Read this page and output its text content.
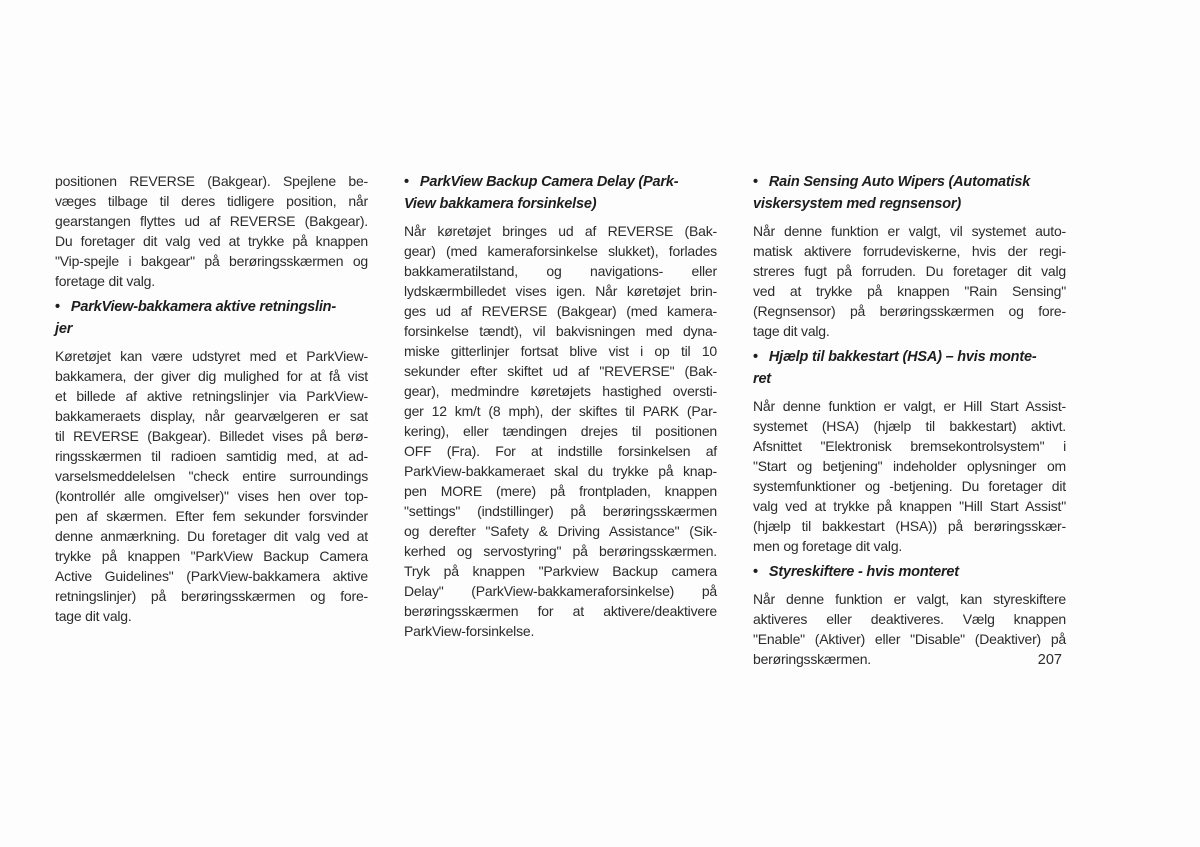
positionen REVERSE (Bakgear). Spejlene be-
væges tilbage til deres tidligere position, når
gearstangen flyttes ud af REVERSE (Bakgear).
Du foretager dit valg ved at trykke på knappen
"Vip-spejle i bakgear" på berøringsskærmen og
foretage dit valg.
• ParkView-bakkamera aktive retningslin-
jer
Køretøjet kan være udstyret med et ParkView-
bakkamera, der giver dig mulighed for at få vist
et billede af aktive retningslinjer via ParkView-
bakkameraets display, når gearvælgeren er sat
til REVERSE (Bakgear). Billedet vises på berø-
ringsskærmen til radioen samtidig med, at ad-
varselsmeddelelsen "check entire surroundings
(kontrollér alle omgivelser)" vises hen over top-
pen af skærmen. Efter fem sekunder forsvinder
denne anmærkning. Du foretager dit valg ved at
trykke på knappen "ParkView Backup Camera
Active Guidelines" (ParkView-bakkamera aktive
retningslinjer) på berøringsskærmen og fore-
tage dit valg.
• ParkView Backup Camera Delay (Park-
View bakkamera forsinkelse)
Når køretøjet bringes ud af REVERSE (Bak-
gear) (med kameraforsinkelse slukket), forlades
bakkameratilstand, og navigations- eller
lydskærmbilledet vises igen. Når køretøjet brin-
ges ud af REVERSE (Bakgear) (med kamera-
forsinkelse tændt), vil bakvisningen med dyna-
miske gitterlinjer fortsat blive vist i op til 10
sekunder efter skiftet ud af "REVERSE" (Bak-
gear), medmindre køretøjets hastighed oversti-
ger 12 km/t (8 mph), der skiftes til PARK (Par-
kering), eller tændingen drejes til positionen
OFF (Fra). For at indstille forsinkelsen af
ParkView-bakkameraet skal du trykke på knap-
pen MORE (mere) på frontpladen, knappen
"settings" (indstillinger) på berøringsskærmen
og derefter "Safety & Driving Assistance" (Sik-
kerhed og servostyring" på berøringsskærmen.
Tryk på knappen "Parkview Backup camera
Delay" (ParkView-bakkameraforsinkelse) på
berøringsskærmen for at aktivere/deaktivere
ParkView-forsinkelse.
• Rain Sensing Auto Wipers (Automatisk
viskersystem med regnsensor)
Når denne funktion er valgt, vil systemet auto-
matisk aktivere forrudeviskerne, hvis der regi-
streres fugt på forruden. Du foretager dit valg
ved at trykke på knappen "Rain Sensing"
(Regnsensor) på berøringsskærmen og fore-
tage dit valg.
• Hjælp til bakkestart (HSA) – hvis monte-
ret
Når denne funktion er valgt, er Hill Start Assist-
systemet (HSA) (hjælp til bakkestart) aktivt.
Afsnittet "Elektronisk bremsekontrolsystem" i
"Start og betjening" indeholder oplysninger om
systemfunktioner og -betjening. Du foretager dit
valg ved at trykke på knappen "Hill Start Assist"
(hjælp til bakkestart (HSA)) på berøringsskær-
men og foretage dit valg.
• Styreskiftere - hvis monteret
Når denne funktion er valgt, kan styreskiftere
aktiveres eller deaktiveres. Vælg knappen
"Enable" (Aktiver) eller "Disable" (Deaktiver) på
berøringsskærmen.	207
